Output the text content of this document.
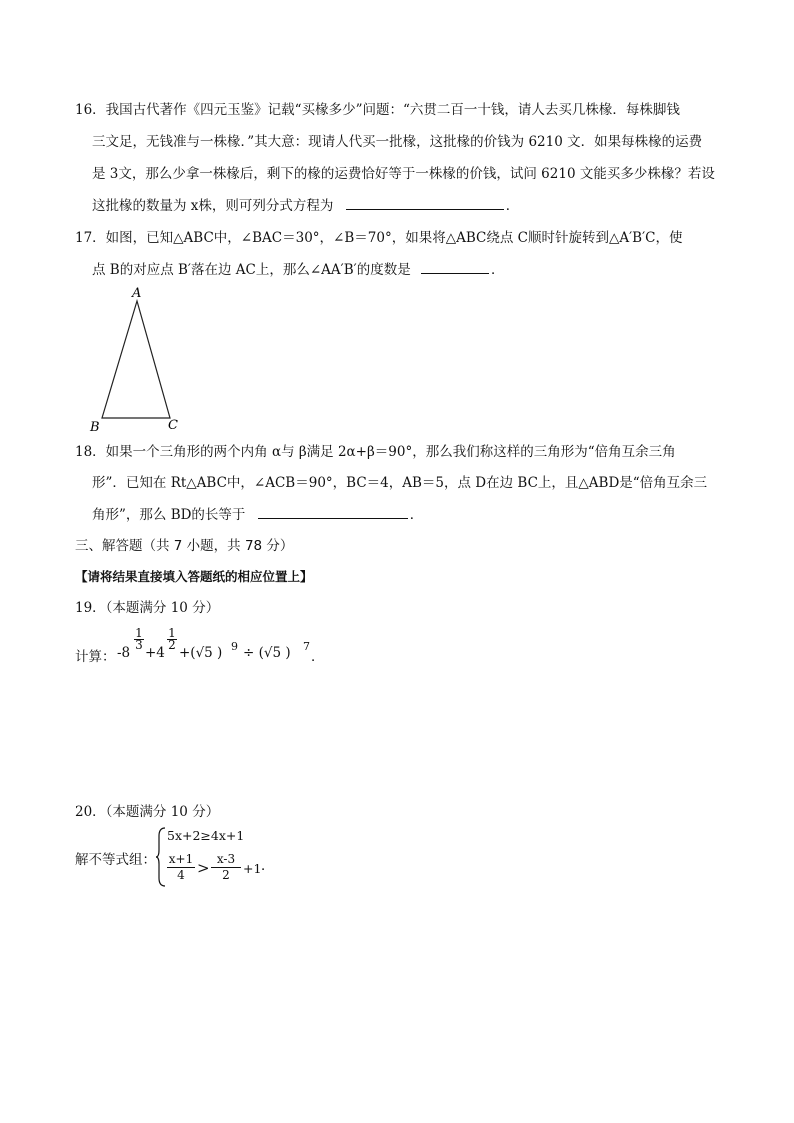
16．我国古代著作《四元玉鉴》记载“买椽多少”问题：“六贯二百一十钱，请人去买几株椽．每株脚钱
三文足，无钱准与一株椽．”其大意：现请人代买一批椽，这批椽的价钱为 6210 文．如果每株椽的运费
是 3文，那么少拿一株椽后，剩下的椽的运费恰好等于一株椽的价钱，试问 6210 文能买多少株椽？若设
这批椽的数量为 x株，则可列分式方程为	．
17．如图，已知△ABC中，∠BAC＝30°，∠B＝70°，如果将△ABC绕点 C顺时针旋转到△A′B′C，使
点 B的对应点 B′落在边 AC上，那么∠AA′B′的度数是	．
A
B	C
18．如果一个三角形的两个内角 α与 β满足 2α+β＝90°，那么我们称这样的三角形为“倍角互余三角
形”．已知在 Rt△ABC中，∠ACB＝90°，BC＝4，AB＝5，点 D在边 BC上，且△ABD是“倍角互余三
角形”，那么 BD的长等于	．
三、解答题（共 7 小题，共 78 分）
【请将结果直接填入答题纸的相应位置上】
19．（本题满分 10 分）
计算： -8
$\frac{1}{3}$
+4
$\frac{1}{2}$
+(√5 ) 9 ÷ (√5 ) 7
．
20．（本题满分 10 分）
解不等式组：
5x+2≥4x+1
$\frac{x+1}{4} > \frac{x-3}{2} +1$ ．
